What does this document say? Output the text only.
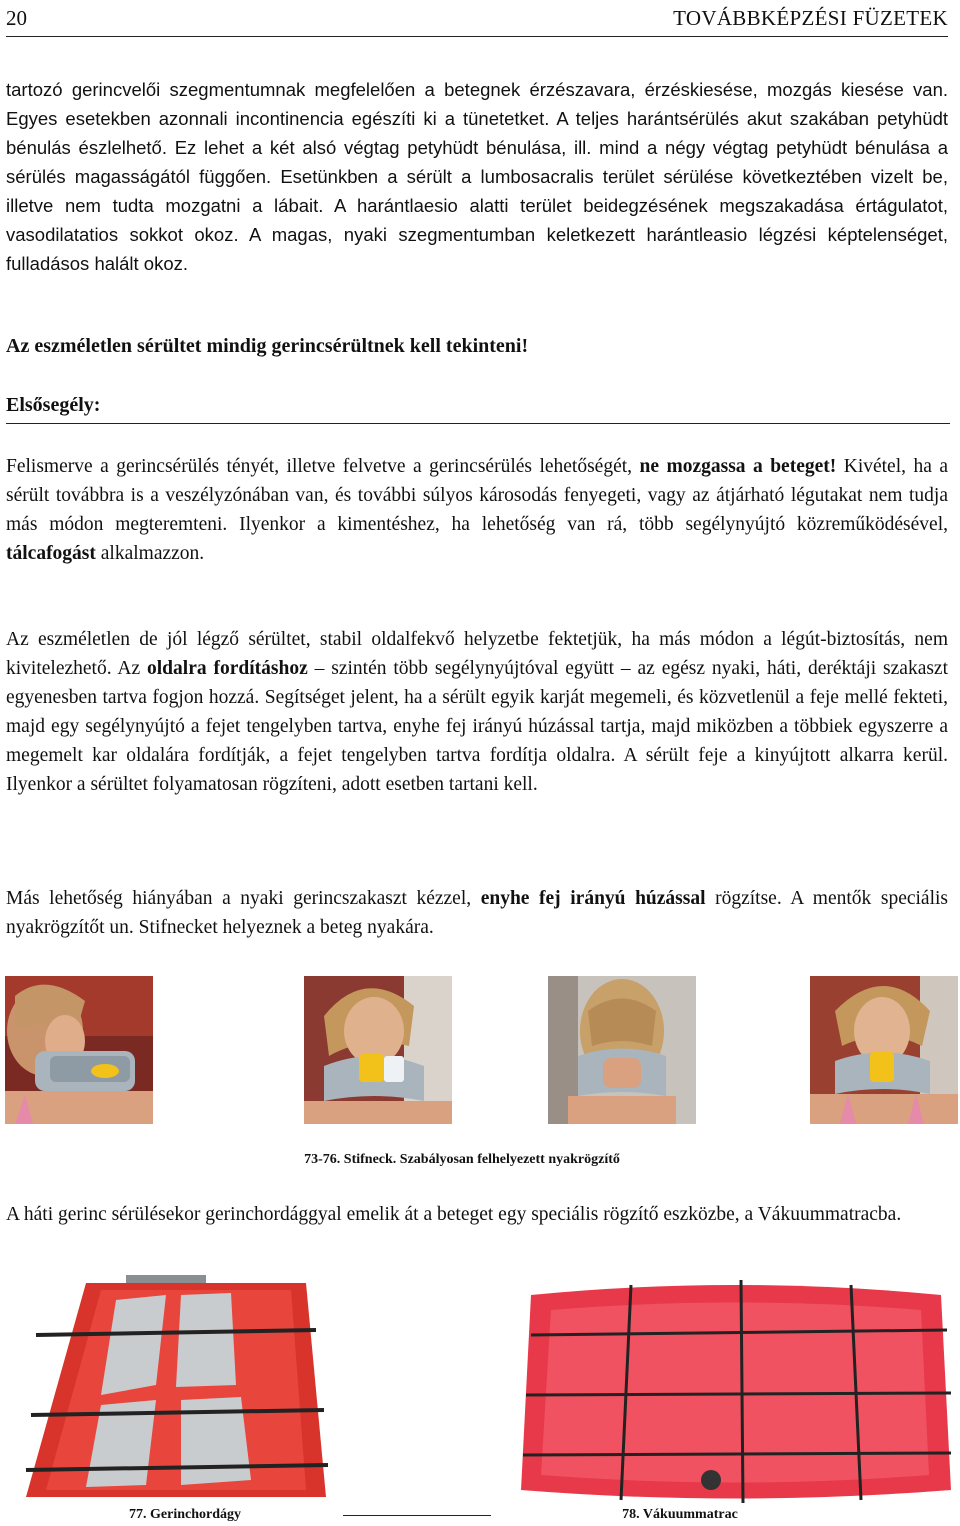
20	TOVÁBBKÉPZÉSI FÜZETEK

tartozó gerincvelői szegmentumnak megfelelően a betegnek érzészavara, érzéskiesése, mozgás kiesése van. Egyes esetekben azonnali incontinencia egészíti ki a tünetetket. A teljes harántsérülés akut szakában petyhüdt bénulás észlelhető. Ez lehet a két alsó végtag petyhüdt bénulása, ill. mind a négy végtag petyhüdt bénulása a sérülés magasságától függően. Esetünkben a sérült a lumbosacralis terület sérülése következtében vizelt be, illetve nem tudta mozgatni a lábait. A harántlaesio alatti terület beidegzésének megszakadása értágulatot, vasodilatatios sokkot okoz. A magas, nyaki szegmentumban keletkezett harántleasio légzési képtelenséget, fulladásos halált okoz.

Az eszméletlen sérültet mindig gerincsérültnek kell tekinteni!

Elsősegély:

Felismerve a gerincsérülés tényét, illetve felvetve a gerincsérülés lehetőségét, ne mozgassa a beteget! Kivétel, ha a sérült továbbra is a veszélyzónában van, és további súlyos károsodás fenyegeti, vagy az átjárható légutakat nem tudja más módon megteremteni. Ilyenkor a kimentéshez, ha lehetőség van rá, több segélynyújtó közreműködésével, tálcafogást alkalmazzon.

Az eszméletlen de jól légző sérültet, stabil oldalfekvő helyzetbe fektetjük, ha más módon a légút-biztosítás, nem kivitelezhető. Az oldalra fordításhoz – szintén több segélynyújtóval együtt – az egész nyaki, háti, deréktáji szakaszt egyenesben tartva fogjon hozzá. Segítséget jelent, ha a sérült egyik karját megemeli, és közvetlenül a feje mellé fekteti, majd egy segélynyújtó a fejet tengelyben tartva, enyhe fej irányú húzással tartja, majd miközben a többiek egyszerre a megemelt kar oldalára fordítják, a fejet tengelyben tartva fordítja oldalra. A sérült feje a kinyújtott alkarra kerül. Ilyenkor a sérültet folyamatosan rögzíteni, adott esetben tartani kell.

Más lehetőség hiányában a nyaki gerincszakaszt kézzel, enyhe fej irányú húzással rögzítse. A mentők speciális nyakrögzítőt un. Stifnecket helyeznek a beteg nyakára.

73-76. Stifneck. Szabályosan felhelyezett nyakrögzítő

A háti gerinc sérülésekor gerinchordággyal emelik át a beteget egy speciális rögzítő eszközbe, a Vákuummatracba.

77. Gerinchordágy	78. Vákuummatrac
